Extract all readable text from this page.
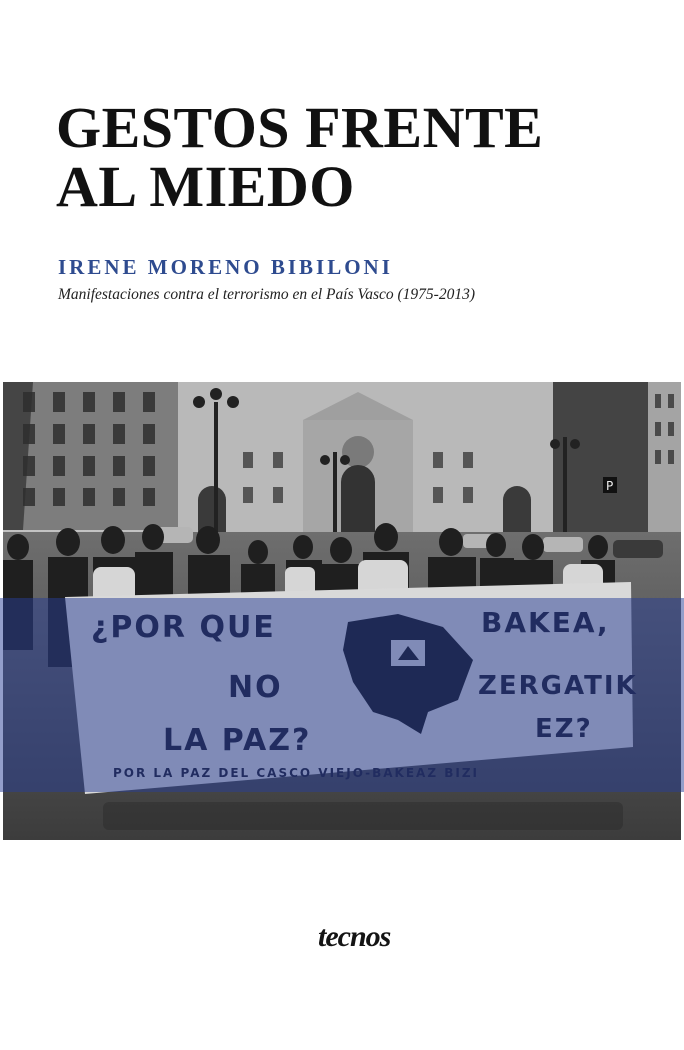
GESTOS FRENTE
AL MIEDO

IRENE MORENO BIBILONI

Manifestaciones contra el terrorismo en el País Vasco (1975-2013)

P

tecnos
